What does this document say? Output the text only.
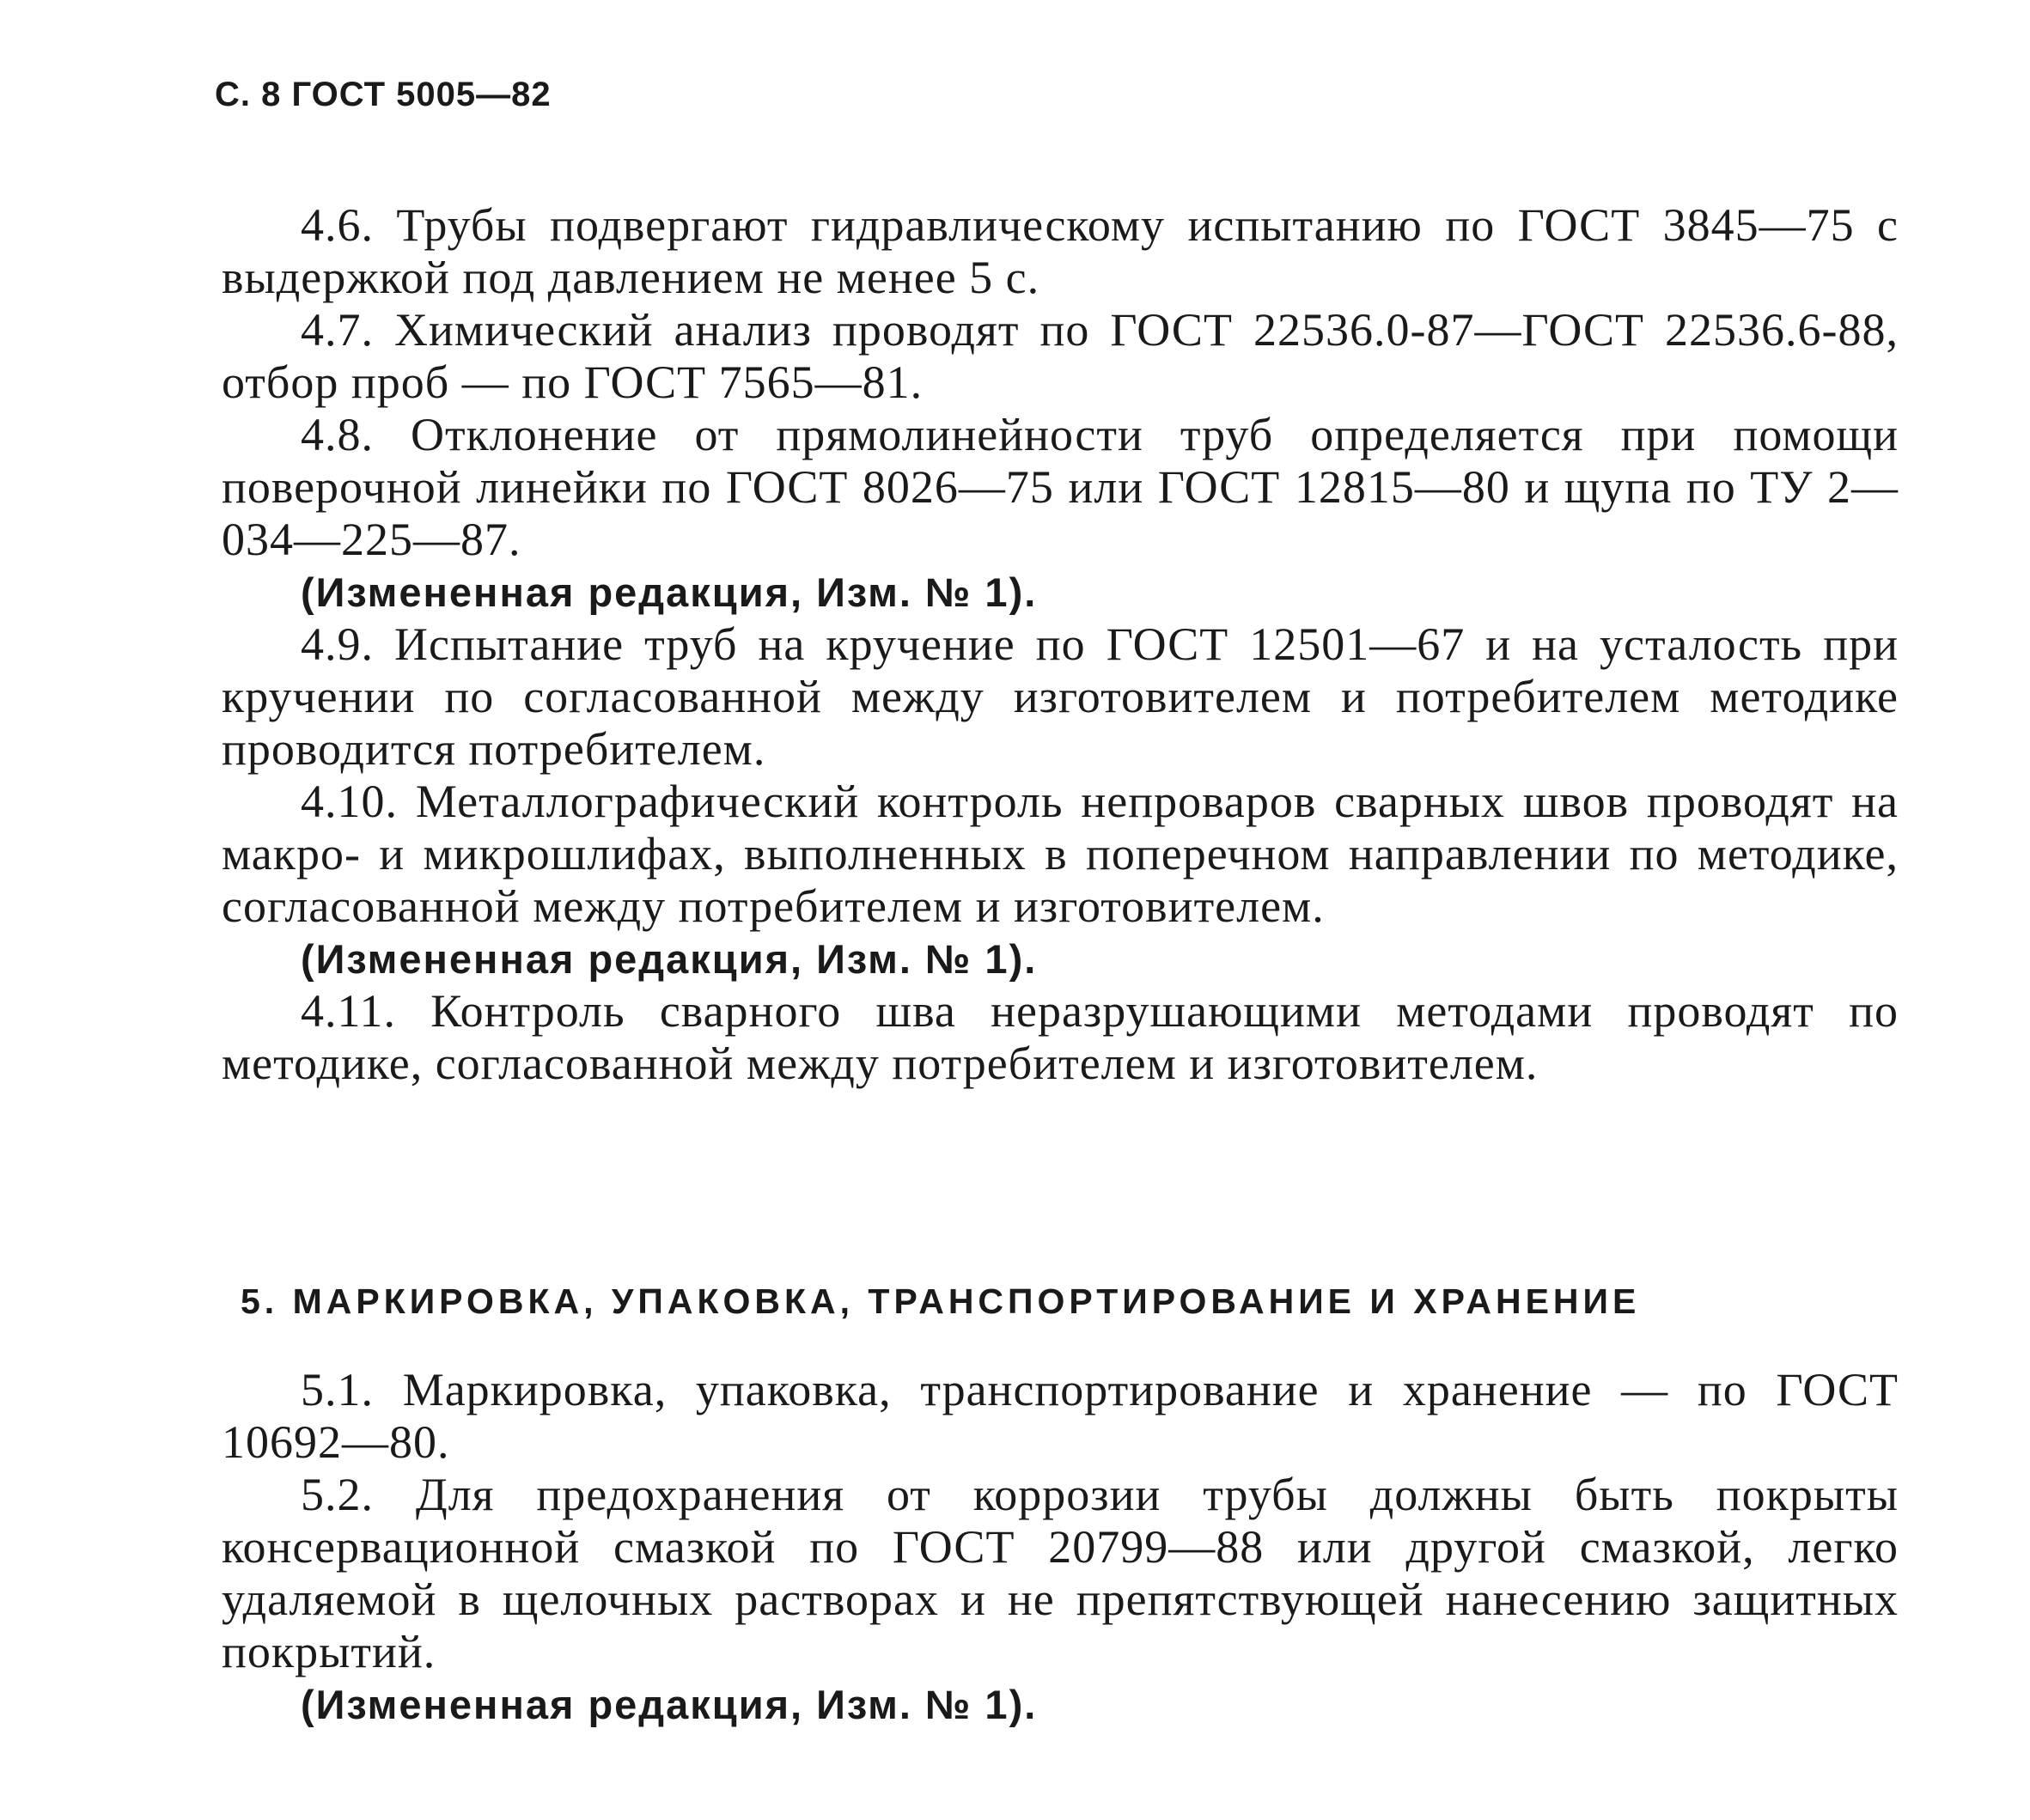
С. 8 ГОСТ 5005—82

4.6. Трубы подвергают гидравлическому испытанию по ГОСТ 3845—75 с выдержкой под давлением не менее 5 с.

4.7. Химический анализ проводят по ГОСТ 22536.0-87—ГОСТ 22536.6-88, отбор проб — по ГОСТ 7565—81.

4.8. Отклонение от прямолинейности труб определяется при помощи поверочной линейки по ГОСТ 8026—75 или ГОСТ 12815—80 и щупа по ТУ 2—034—225—87.

(Измененная редакция, Изм. № 1).

4.9. Испытание труб на кручение по ГОСТ 12501—67 и на усталость при кручении по согласованной между изготовителем и потребителем методике проводится потребителем.

4.10. Металлографический контроль непроваров сварных швов проводят на макро- и микрошлифах, выполненных в поперечном направлении по методике, согласованной между потребителем и изготовителем.

(Измененная редакция, Изм. № 1).

4.11. Контроль сварного шва неразрушающими методами проводят по методике, согласованной между потребителем и изготовителем.

5. МАРКИРОВКА, УПАКОВКА, ТРАНСПОРТИРОВАНИЕ И ХРАНЕНИЕ

5.1. Маркировка, упаковка, транспортирование и хранение — по ГОСТ 10692—80.

5.2. Для предохранения от коррозии трубы должны быть покрыты консервационной смазкой по ГОСТ 20799—88 или другой смазкой, легко удаляемой в щелочных растворах и не препятствующей нанесению защитных покрытий.

(Измененная редакция, Изм. № 1).
